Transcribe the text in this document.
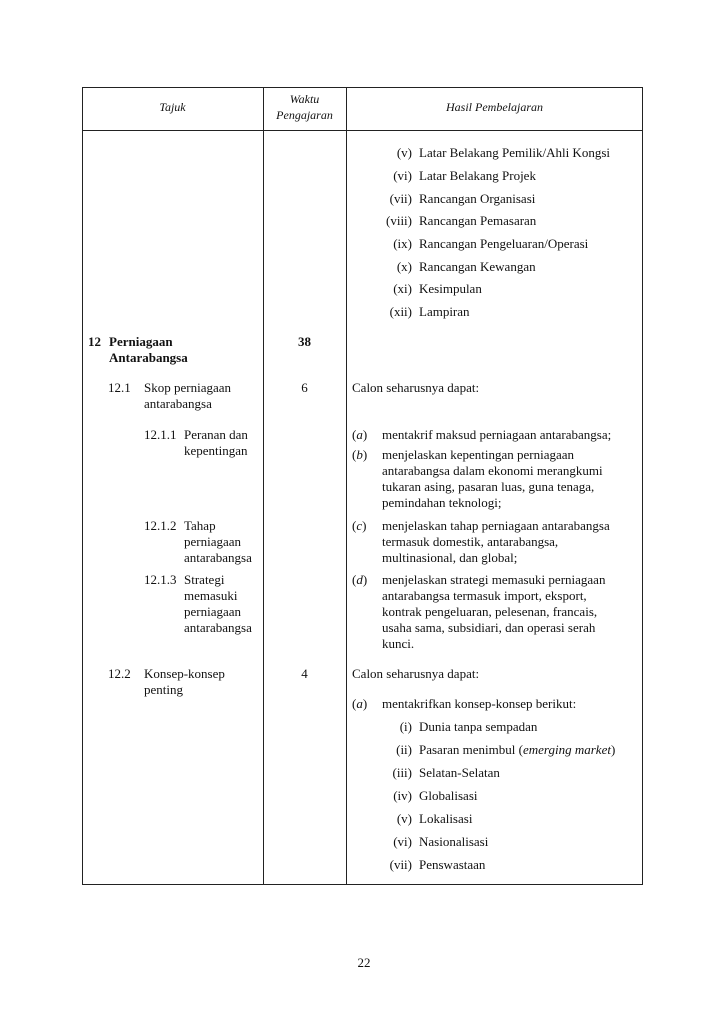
Tajuk
Waktu
Pengajaran
Hasil Pembelajaran
(v) Latar Belakang Pemilik/Ahli Kongsi
(vi) Latar Belakang Projek
(vii) Rancangan Organisasi
(viii) Rancangan Pemasaran
(ix) Rancangan Pengeluaran/Operasi
(x) Rancangan Kewangan
(xi) Kesimpulan
(xii) Lampiran
12 Perniagaan
Antarabangsa
38
12.1 Skop perniagaan
antarabangsa
6	Calon seharusnya dapat:
12.1.1 Peranan dan
kepentingan
12.1.2 Tahap
perniagaan
antarabangsa
12.1.3 Strategi
memasuki
perniagaan
antarabangsa
(a) mentakrif maksud perniagaan antarabangsa;
(b) menjelaskan kepentingan perniagaan
antarabangsa dalam ekonomi merangkumi
tukaran asing, pasaran luas, guna tenaga,
pemindahan teknologi;
(c) menjelaskan tahap perniagaan antarabangsa
termasuk domestik, antarabangsa,
multinasional, dan global;
(d) menjelaskan strategi memasuki perniagaan
antarabangsa termasuk import, eksport,
kontrak pengeluaran, pelesenan, francais,
usaha sama, subsidiari, dan operasi serah
kunci.
12.2 Konsep-konsep
penting
4	Calon seharusnya dapat:
(a) mentakrifkan konsep-konsep berikut:
(i) Dunia tanpa sempadan
(ii) Pasaran menimbul (emerging market)
(iii) Selatan-Selatan
(iv) Globalisasi
(v) Lokalisasi
(vi) Nasionalisasi
(vii) Penswastaan
22
